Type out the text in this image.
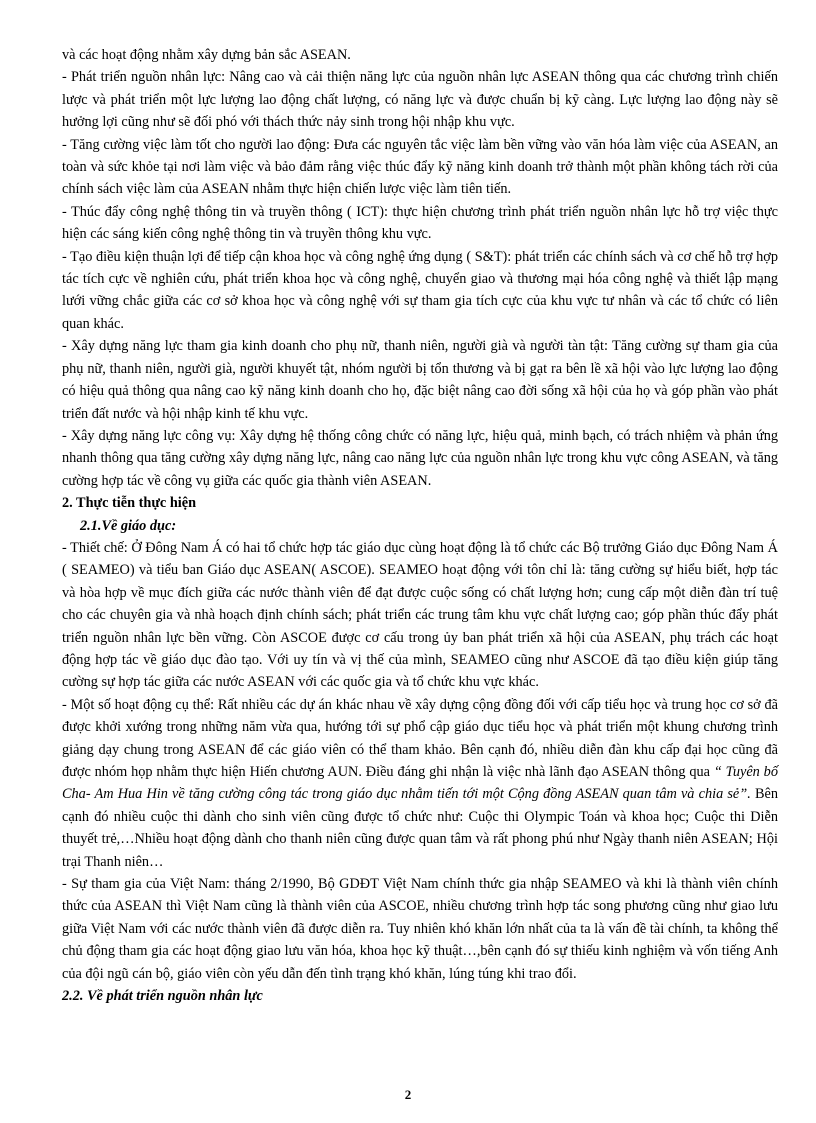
và các hoạt động nhằm xây dựng bản sắc ASEAN.

- Phát triển nguồn nhân lực: Nâng cao và cải thiện năng lực của nguồn nhân lực ASEAN thông qua các chương trình chiến lược và phát triển một lực lượng lao động chất lượng, có năng lực và được chuẩn bị kỹ càng. Lực lượng lao động này sẽ hưởng lợi cũng như sẽ đối phó với thách thức nảy sinh trong hội nhập khu vực.

- Tăng cường việc làm tốt cho người lao động: Đưa các nguyên tắc việc làm bền vững vào văn hóa làm việc của ASEAN, an toàn và sức khỏe tại nơi làm việc và bảo đảm rằng việc thúc đẩy kỹ năng kinh doanh trở thành một phần không tách rời của chính sách việc làm của ASEAN nhằm thực hiện chiến lược việc làm tiên tiến.

- Thúc đẩy công nghệ thông tin và truyền thông ( ICT): thực hiện chương trình phát triển nguồn nhân lực hỗ trợ việc thực hiện các sáng kiến công nghệ thông tin và truyền thông khu vực.

- Tạo điều kiện thuận lợi để tiếp cận khoa học và công nghệ ứng dụng ( S&T): phát triển các chính sách và cơ chế hỗ trợ hợp tác tích cực về nghiên cứu, phát triển khoa học và công nghệ, chuyển giao và thương mại hóa công nghệ và thiết lập mạng lưới vững chắc giữa các cơ sở khoa học và công nghệ với sự tham gia tích cực của khu vực tư nhân và các tổ chức có liên quan khác.

- Xây dựng năng lực tham gia kinh doanh cho phụ nữ, thanh niên, người già và người tàn tật: Tăng cường sự tham gia của phụ nữ, thanh niên, người già, người khuyết tật, nhóm người bị tổn thương và bị gạt ra bên lề xã hội vào lực lượng lao động có hiệu quả thông qua nâng cao kỹ năng kinh doanh cho họ, đặc biệt nâng cao đời sống xã hội của họ và góp phần vào phát triển đất nước và hội nhập kinh tế khu vực.

- Xây dựng năng lực công vụ: Xây dựng hệ thống công chức có năng lực, hiệu quả, minh bạch, có trách nhiệm và phản ứng nhanh thông qua tăng cường xây dựng năng lực, nâng cao năng lực của nguồn nhân lực trong khu vực công ASEAN, và tăng cường hợp tác về công vụ giữa các quốc gia thành viên ASEAN.

2. Thực tiễn thực hiện

2.1.Về giáo dục:

- Thiết chế: Ở Đông Nam Á có hai tổ chức hợp tác giáo dục cùng hoạt động là tổ chức các Bộ trưởng Giáo dục Đông Nam Á ( SEAMEO) và tiểu ban Giáo dục ASEAN( ASCOE). SEAMEO hoạt động với tôn chỉ là: tăng cường sự hiểu biết, hợp tác và hòa hợp về mục đích giữa các nước thành viên để đạt được cuộc sống có chất lượng hơn; cung cấp một diễn đàn trí tuệ cho các chuyên gia và nhà hoạch định chính sách; phát triển các trung tâm khu vực chất lượng cao; góp phần thúc đẩy phát triển nguồn nhân lực bền vững. Còn ASCOE được cơ cấu trong ủy ban phát triển xã hội của ASEAN, phụ trách các hoạt động hợp tác về giáo dục đào tạo. Với uy tín và vị thế của mình, SEAMEO cũng như ASCOE đã tạo điều kiện giúp tăng cường sự hợp tác giữa các nước ASEAN với các quốc gia và tổ chức khu vực khác.

- Một số hoạt động cụ thể: Rất nhiều các dự án khác nhau về xây dựng cộng đồng đối với cấp tiểu học và trung học cơ sở đã được khởi xướng trong những năm vừa qua, hướng tới sự phổ cập giáo dục tiểu học và phát triển một khung chương trình giảng dạy chung trong ASEAN để các giáo viên có thể tham khảo. Bên cạnh đó, nhiều diễn đàn khu cấp đại học cũng đã được nhóm họp nhằm thực hiện Hiến chương AUN. Điều đáng ghi nhận là việc nhà lãnh đạo ASEAN thông qua “ Tuyên bố Cha- Am Hua Hin về tăng cường công tác trong giáo dục nhằm tiến tới một Cộng đồng ASEAN quan tâm và chia sẻ”. Bên cạnh đó nhiều cuộc thi dành cho sinh viên cũng được tổ chức như: Cuộc thi Olympic Toán và khoa học; Cuộc thi Diễn thuyết trẻ,…Nhiều hoạt động dành cho thanh niên cũng được quan tâm và rất phong phú như Ngày thanh niên ASEAN; Hội trại Thanh niên…

- Sự tham gia của Việt Nam: tháng 2/1990, Bộ GDĐT Việt Nam chính thức gia nhập SEAMEO và khi là thành viên chính thức của ASEAN thì Việt Nam cũng là thành viên của ASCOE, nhiều chương trình hợp tác song phương cũng như giao lưu giữa Việt Nam với các nước thành viên đã được diễn ra. Tuy nhiên khó khăn lớn nhất của ta là vấn đề tài chính, ta không thể chủ động tham gia các hoạt động giao lưu văn hóa, khoa học kỹ thuật…,bên cạnh đó sự thiếu kinh nghiệm và vốn tiếng Anh của đội ngũ cán bộ, giáo viên còn yếu dẫn đến tình trạng khó khăn, lúng túng khi trao đổi.

2.2. Về phát triển nguồn nhân lực

2
